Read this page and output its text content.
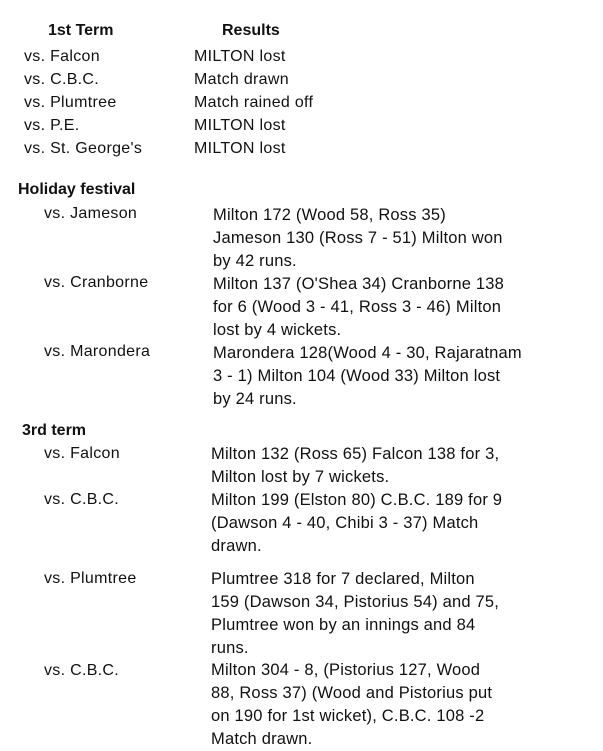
1st Term	Results
vs. Falcon	MILTON lost
vs. C.B.C.	Match drawn
vs. Plumtree	Match rained off
vs. P.E.	MILTON lost
vs. St. George's	MILTON lost
Holiday festival
vs. Jameson	Milton 172 (Wood 58, Ross 35)
Jameson 130 (Ross 7 - 51) Milton won
by 42 runs.
vs. Cranborne	Milton 137 (O'Shea 34) Cranborne 138
for 6 (Wood 3 - 41, Ross 3 - 46) Milton
lost by 4 wickets.
vs. Marondera	Marondera 128(Wood 4 - 30, Rajaratnam
3 - 1) Milton 104 (Wood 33) Milton lost
by 24 runs.
3rd term
vs. Falcon	Milton 132 (Ross 65) Falcon 138 for 3,
Milton lost by 7 wickets.
vs. C.B.C.	Milton 199 (Elston 80) C.B.C. 189 for 9
(Dawson 4 - 40, Chibi 3 - 37) Match
drawn.
vs. Plumtree	Plumtree 318 for 7 declared, Milton
159 (Dawson 34, Pistorius 54) and 75,
Plumtree won by an innings and 84
runs.
vs. C.B.C.	Milton 304 - 8, (Pistorius 127, Wood
88, Ross 37) (Wood and Pistorius put
on 190 for 1st wicket), C.B.C. 108 -2
Match drawn.
